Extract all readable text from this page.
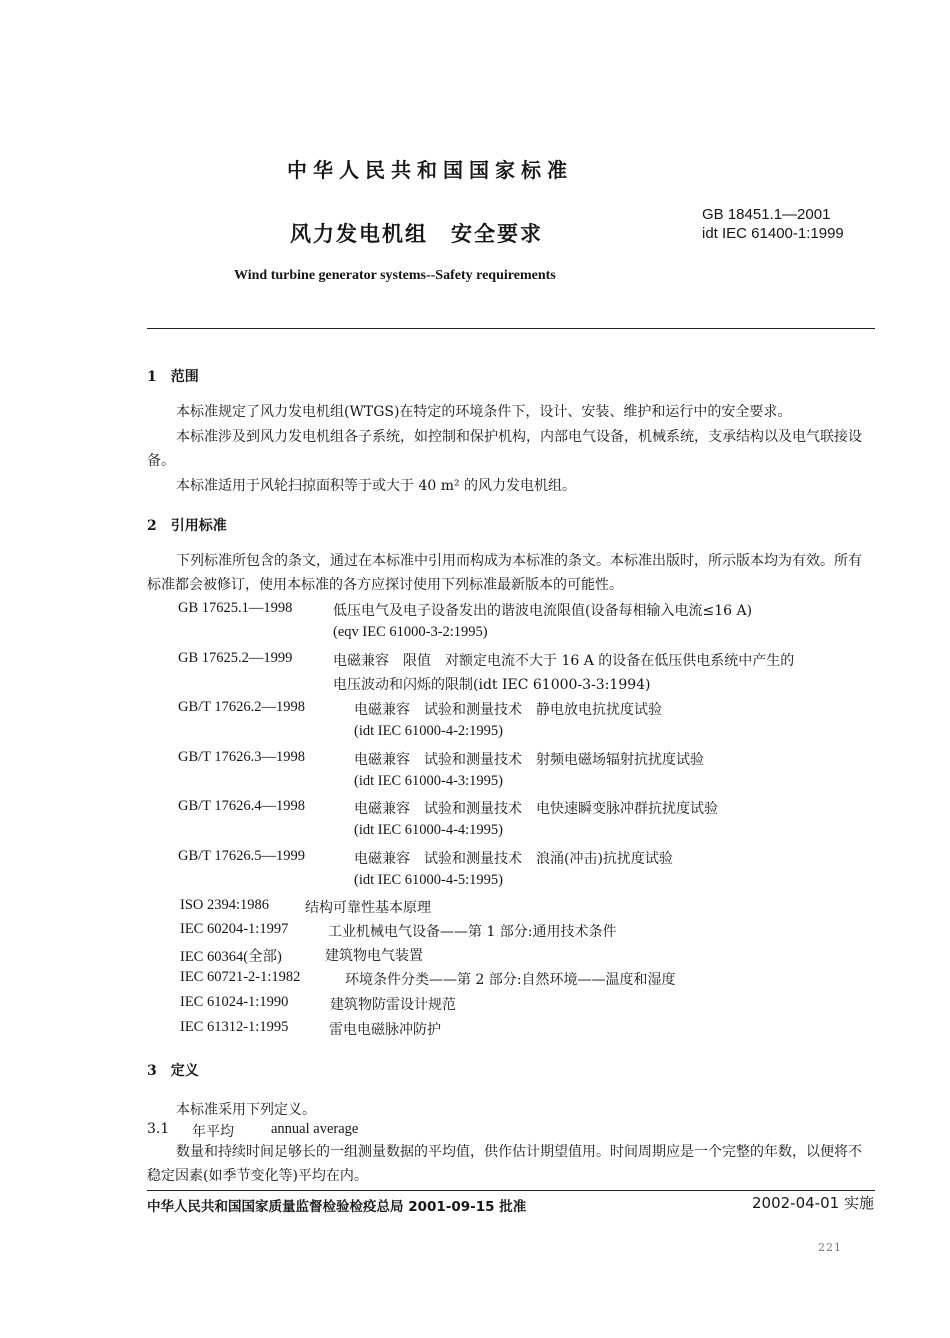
中华人民共和国国家标准
风力发电机组　安全要求
GB 18451.1—2001
idt IEC 61400-1:1999
Wind turbine generator systems--Safety requirements
1　范围
本标准规定了风力发电机组(WTGS)在特定的环境条件下，设计、安装、维护和运行中的安全要求。
本标准涉及到风力发电机组各子系统，如控制和保护机构，内部电气设备，机械系统，支承结构以及电气联接设备。
本标准适用于风轮扫掠面积等于或大于 40 m² 的风力发电机组。
2　引用标准
下列标准所包含的条文，通过在本标准中引用而构成为本标准的条文。本标准出版时，所示版本均为有效。所有标准都会被修订，使用本标准的各方应探讨使用下列标准最新版本的可能性。
GB 17625.1—1998	低压电气及电子设备发出的谐波电流限值(设备每相输入电流≤16 A)
(eqv IEC 61000-3-2:1995)
GB 17625.2—1999	电磁兼容　限值　对额定电流不大于 16 A 的设备在低压供电系统中产生的
电压波动和闪烁的限制(idt IEC 61000-3-3:1994)
GB/T 17626.2—1998	电磁兼容　试验和测量技术　静电放电抗扰度试验
(idt IEC 61000-4-2:1995)
GB/T 17626.3—1998	电磁兼容　试验和测量技术　射频电磁场辐射抗扰度试验
(idt IEC 61000-4-3:1995)
GB/T 17626.4—1998	电磁兼容　试验和测量技术　电快速瞬变脉冲群抗扰度试验
(idt IEC 61000-4-4:1995)
GB/T 17626.5—1999	电磁兼容　试验和测量技术　浪涌(冲击)抗扰度试验
(idt IEC 61000-4-5:1995)
ISO 2394:1986	结构可靠性基本原理
IEC 60204-1:1997	工业机械电气设备——第 1 部分:通用技术条件
IEC 60364(全部)	建筑物电气装置
IEC 60721-2-1:1982	环境条件分类——第 2 部分:自然环境——温度和湿度
IEC 61024-1:1990	建筑物防雷设计规范
IEC 61312-1:1995	雷电电磁脉冲防护
3　定义
本标准采用下列定义。
3.1 年平均	annual average
数量和持续时间足够长的一组测量数据的平均值，供作估计期望值用。时间周期应是一个完整的年数，以便将不稳定因素(如季节变化等)平均在内。
中华人民共和国国家质量监督检验检疫总局 2001-09-15 批准	2002-04-01 实施
221
